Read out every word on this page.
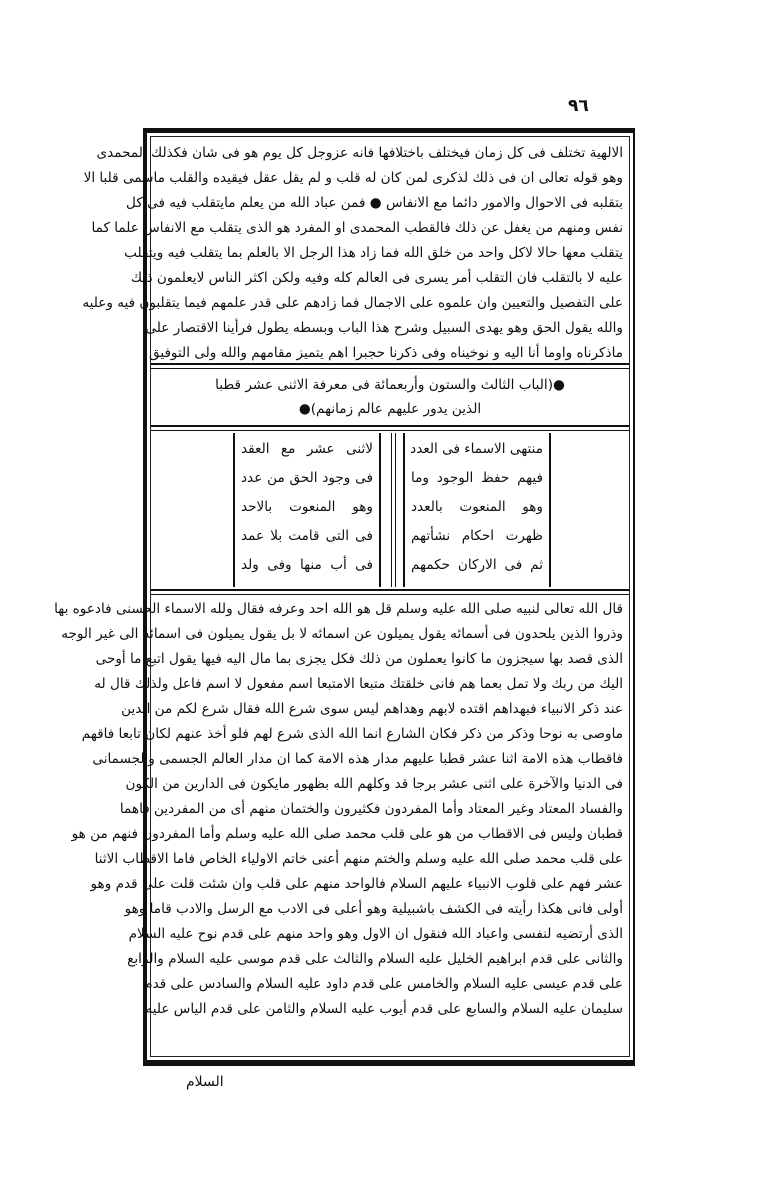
٩٦
الالهية تختلف فى كل زمان فيختلف باختلافها فانه عزوجل كل يوم هو فى شان فكذلك المحمدى
وهو قوله تعالى ان فى ذلك لذكرى لمن كان له قلب و لم يقل عقل فيقيده والقلب ماسمى قلبا الا
بتقلبه فى الاحوال والامور دائما مع الانفاس ● فمن عباد الله من يعلم مايتقلب فيه فى كل
نفس ومنهم من يغفل عن ذلك فالقطب المحمدى او المفرد هو الذى يتقلب مع الانفاس علما كما
يتقلب معها حالا لاكل واحد من خلق الله فما زاد هذا الرجل الا بالعلم بما يتقلب فيه ويتقلب
عليه لا بالتقلب فان التقلب أمر يسرى فى العالم كله وفيه ولكن اكثر الناس لايعلمون ذلك
على التفصيل والتعيين وان علموه على الاجمال فما زادهم على قدر علمهم فيما يتقلبون فيه وعليه
والله يقول الحق وهو يهدى السبيل وشرح هذا الباب وبسطه يطول فرأينا الاقتصار على
ماذكرناه واوما أنا اليه و نوخيناه وفى ذكرنا حجبرا اهم يتميز مقامهم والله ولى التوفيق
●(الباب الثالث والستون وأربعمائة فى معرفة الاثنى عشر قطبا
الذين يدور عليهم عالم زمانهم)●
منتهى الاسماء فى العدد
فيهم حفظ الوجود وما
وهو المنعوت بالعدد
ظهرت احكام نشأتهم
ثم فى الاركان حكمهم
لاثنى عشر مع العقد
فى وجود الحق من عدد
وهو المنعوت بالاحد
فى التى قامت بلا عمد
فى أب منها وفى ولد
قال الله تعالى لنبيه صلى الله عليه وسلم قل هو الله احد وعرفه فقال ولله الاسماء الحسنى فادعوه بها
وذروا الذين يلحدون فى أسمائه يقول يميلون عن اسمائه لا بل يقول يميلون فى اسمائه الى غير الوجه
الذى قصد بها سيجزون ما كانوا يعملون من ذلك فكل يجزى بما مال اليه فيها يقول اتبع ما أوحى
اليك من ربك ولا تمل بعما هم فانى خلقتك متبعا الامتبعا اسم مفعول لا اسم فاعل ولذلك قال له
عند ذكر الانبياء فبهداهم اقتده لابهم وهداهم ليس سوى شرع الله فقال شرع لكم من الدين
ماوصى به نوحا وذكر من ذكر فكان الشارع انما الله الذى شرع لهم فلو أخذ عنهم لكان تابعا فاقهم
فاقطاب هذه الامة اثنا عشر قطبا عليهم مدار هذه الامة كما ان مدار العالم الجسمى والجسمانى
فى الدنيا والآخرة على اثنى عشر برجا قد وكلهم الله بظهور مايكون فى الدارين من الكون
والفساد المعتاد وغير المعتاد وأما المفردون فكثيرون والختمان منهم أى من المفردين فاهما
قطبان وليس فى الاقطاب من هو على قلب محمد صلى الله عليه وسلم وأما المفردون فنهم من هو
على قلب محمد صلى الله عليه وسلم والختم منهم أعنى خاتم الاولياء الخاص فاما الاقطاب الاثنا
عشر فهم على قلوب الانبياء عليهم السلام فالواحد منهم على قلب وان شئت قلت على قدم وهو
أولى فانى هكذا رأيته فى الكشف باشبيلية وهو أعلى فى الادب مع الرسل والادب قاما وهو
الذى أرتضيه لنفسى واعباد الله فنقول ان الاول وهو واحد منهم على قدم نوح عليه السلام
والثانى على قدم ابراهيم الخليل عليه السلام والثالث على قدم موسى عليه السلام والرابع
على قدم عيسى عليه السلام والخامس على قدم داود عليه السلام والسادس على قدم
سليمان عليه السلام والسابع على قدم أيوب عليه السلام والثامن على قدم الياس عليه
السلام
